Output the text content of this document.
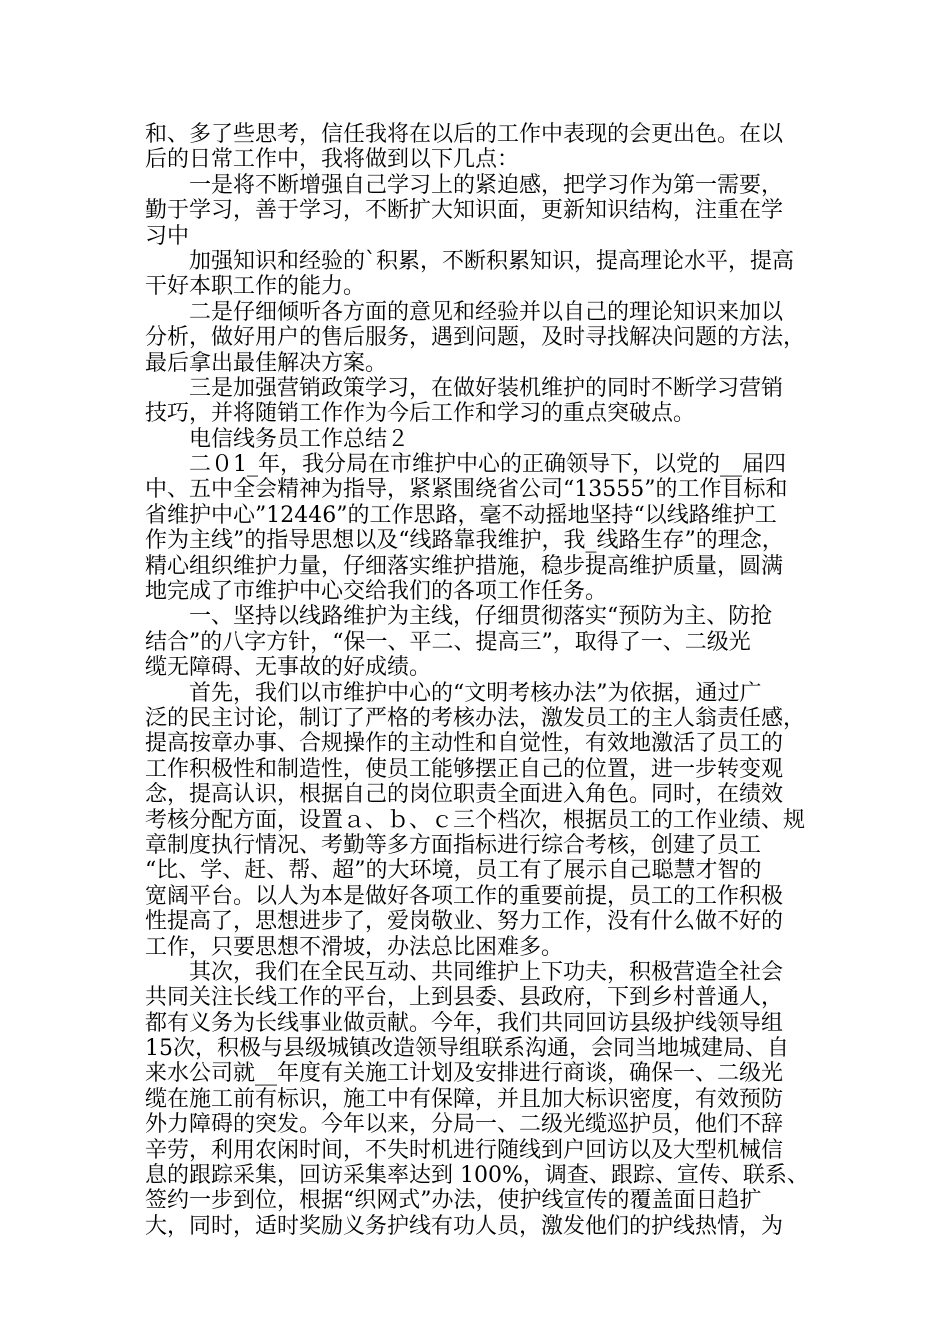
和、多了些思考，信任我将在以后的工作中表现的会更出色。在以
后的日常工作中，我将做到以下几点：
　　一是将不断增强自己学习上的紧迫感，把学习作为第一需要，
勤于学习，善于学习，不断扩大知识面，更新知识结构，注重在学
习中
　　加强知识和经验的`积累，不断积累知识，提高理论水平，提高
干好本职工作的能力。
　　二是仔细倾听各方面的意见和经验并以自己的理论知识来加以
分析，做好用户的售后服务，遇到问题，及时寻找解决问题的方法，
最后拿出最佳解决方案。
　　三是加强营销政策学习，在做好装机维护的同时不断学习营销
技巧，并将随销工作作为今后工作和学习的重点突破点。
　　电信线务员工作总结２
　　二０1_年，我分局在市维护中心的正确领导下，以党的__届四
中、五中全会精神为指导，紧紧围绕省公司“13555”的工作目标和
省维护中心”12446”的工作思路，毫不动摇地坚持“以线路维护工
作为主线”的指导思想以及“线路靠我维护，我_线路生存”的理念，
精心组织维护力量，仔细落实维护措施，稳步提高维护质量，圆满
地完成了市维护中心交给我们的各项工作任务。
　　一、坚持以线路维护为主线，仔细贯彻落实“预防为主、防抢
结合”的八字方针，“保一、平二、提高三”，取得了一、二级光
缆无障碍、无事故的好成绩。
　　首先，我们以市维护中心的“文明考核办法”为依据，通过广
泛的民主讨论，制订了严格的考核办法，激发员工的主人翁责任感，
提高按章办事、合规操作的主动性和自觉性，有效地激活了员工的
工作积极性和制造性，使员工能够摆正自己的位置，进一步转变观
念，提高认识，根据自己的岗位职责全面进入角色。同时，在绩效
考核分配方面，设置ａ、ｂ、ｃ三个档次，根据员工的工作业绩、规
章制度执行情况、考勤等多方面指标进行综合考核，创建了员工
“比、学、赶、帮、超”的大环境，员工有了展示自己聪慧才智的
宽阔平台。以人为本是做好各项工作的重要前提，员工的工作积极
性提高了，思想进步了，爱岗敬业、努力工作，没有什么做不好的
工作，只要思想不滑坡，办法总比困难多。
　　其次，我们在全民互动、共同维护上下功夫，积极营造全社会
共同关注长线工作的平台，上到县委、县政府，下到乡村普通人，
都有义务为长线事业做贡献。今年，我们共同回访县级护线领导组
15次，积极与县级城镇改造领导组联系沟通，会同当地城建局、自
来水公司就__年度有关施工计划及安排进行商谈，确保一、二级光
缆在施工前有标识，施工中有保障，并且加大标识密度，有效预防
外力障碍的突发。今年以来，分局一、二级光缆巡护员，他们不辞
辛劳，利用农闲时间，不失时机进行随线到户回访以及大型机械信
息的跟踪采集，回访采集率达到 100%，调查、跟踪、宣传、联系、
签约一步到位，根据“织网式”办法，使护线宣传的覆盖面日趋扩
大，同时，适时奖励义务护线有功人员，激发他们的护线热情，为
